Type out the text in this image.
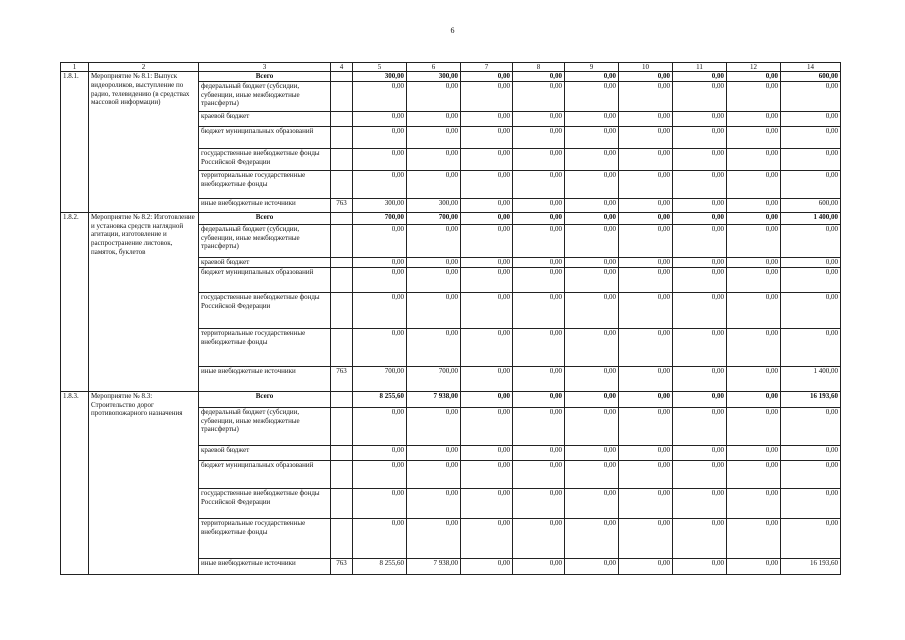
6
1	2	3	4	5	6	7	8	9	10	11	12	14
1.8.1.	Мероприятие № 8.1: Выпуск видеороликов, выступление по радио, телевидению (в средствах массовой информации)	Всего		300,00	300,00	0,00	0,00	0,00	0,00	0,00	0,00	600,00
		федеральный бюджет (субсидии, субвенции, иные межбюджетные трансферты)		0,00	0,00	0,00	0,00	0,00	0,00	0,00	0,00	0,00
		краевой бюджет		0,00	0,00	0,00	0,00	0,00	0,00	0,00	0,00	0,00
		бюджет муниципальных образований		0,00	0,00	0,00	0,00	0,00	0,00	0,00	0,00	0,00
		государственные внебюджетные фонды Российской Федерации		0,00	0,00	0,00	0,00	0,00	0,00	0,00	0,00	0,00
		территориальные государственные внебюджетные фонды		0,00	0,00	0,00	0,00	0,00	0,00	0,00	0,00	0,00
		иные внебюджетные источники	763	300,00	300,00	0,00	0,00	0,00	0,00	0,00	0,00	600,00
1.8.2.	Мероприятие № 8.2: Изготовление и установка средств наглядной агитации, изготовление и распространение листовок, памяток, буклетов	Всего		700,00	700,00	0,00	0,00	0,00	0,00	0,00	0,00	1 400,00
		федеральный бюджет (субсидии, субвенции, иные межбюджетные трансферты)		0,00	0,00	0,00	0,00	0,00	0,00	0,00	0,00	0,00
		краевой бюджет		0,00	0,00	0,00	0,00	0,00	0,00	0,00	0,00	0,00
		бюджет муниципальных образований		0,00	0,00	0,00	0,00	0,00	0,00	0,00	0,00	0,00
		государственные внебюджетные фонды Российской Федерации		0,00	0,00	0,00	0,00	0,00	0,00	0,00	0,00	0,00
		территориальные государственные внебюджетные фонды		0,00	0,00	0,00	0,00	0,00	0,00	0,00	0,00	0,00
		иные внебюджетные источники	763	700,00	700,00	0,00	0,00	0,00	0,00	0,00	0,00	1 400,00
1.8.3.	Мероприятие № 8.3: Строительство дорог противопожарного назначения	Всего		8 255,60	7 938,00	0,00	0,00	0,00	0,00	0,00	0,00	16 193,60
		федеральный бюджет (субсидии, субвенции, иные межбюджетные трансферты)		0,00	0,00	0,00	0,00	0,00	0,00	0,00	0,00	0,00
		краевой бюджет		0,00	0,00	0,00	0,00	0,00	0,00	0,00	0,00	0,00
		бюджет муниципальных образований		0,00	0,00	0,00	0,00	0,00	0,00	0,00	0,00	0,00
		государственные внебюджетные фонды Российской Федерации		0,00	0,00	0,00	0,00	0,00	0,00	0,00	0,00	0,00
		территориальные государственные внебюджетные фонды		0,00	0,00	0,00	0,00	0,00	0,00	0,00	0,00	0,00
		иные внебюджетные источники	763	8 255,60	7 938,00	0,00	0,00	0,00	0,00	0,00	0,00	16 193,60
